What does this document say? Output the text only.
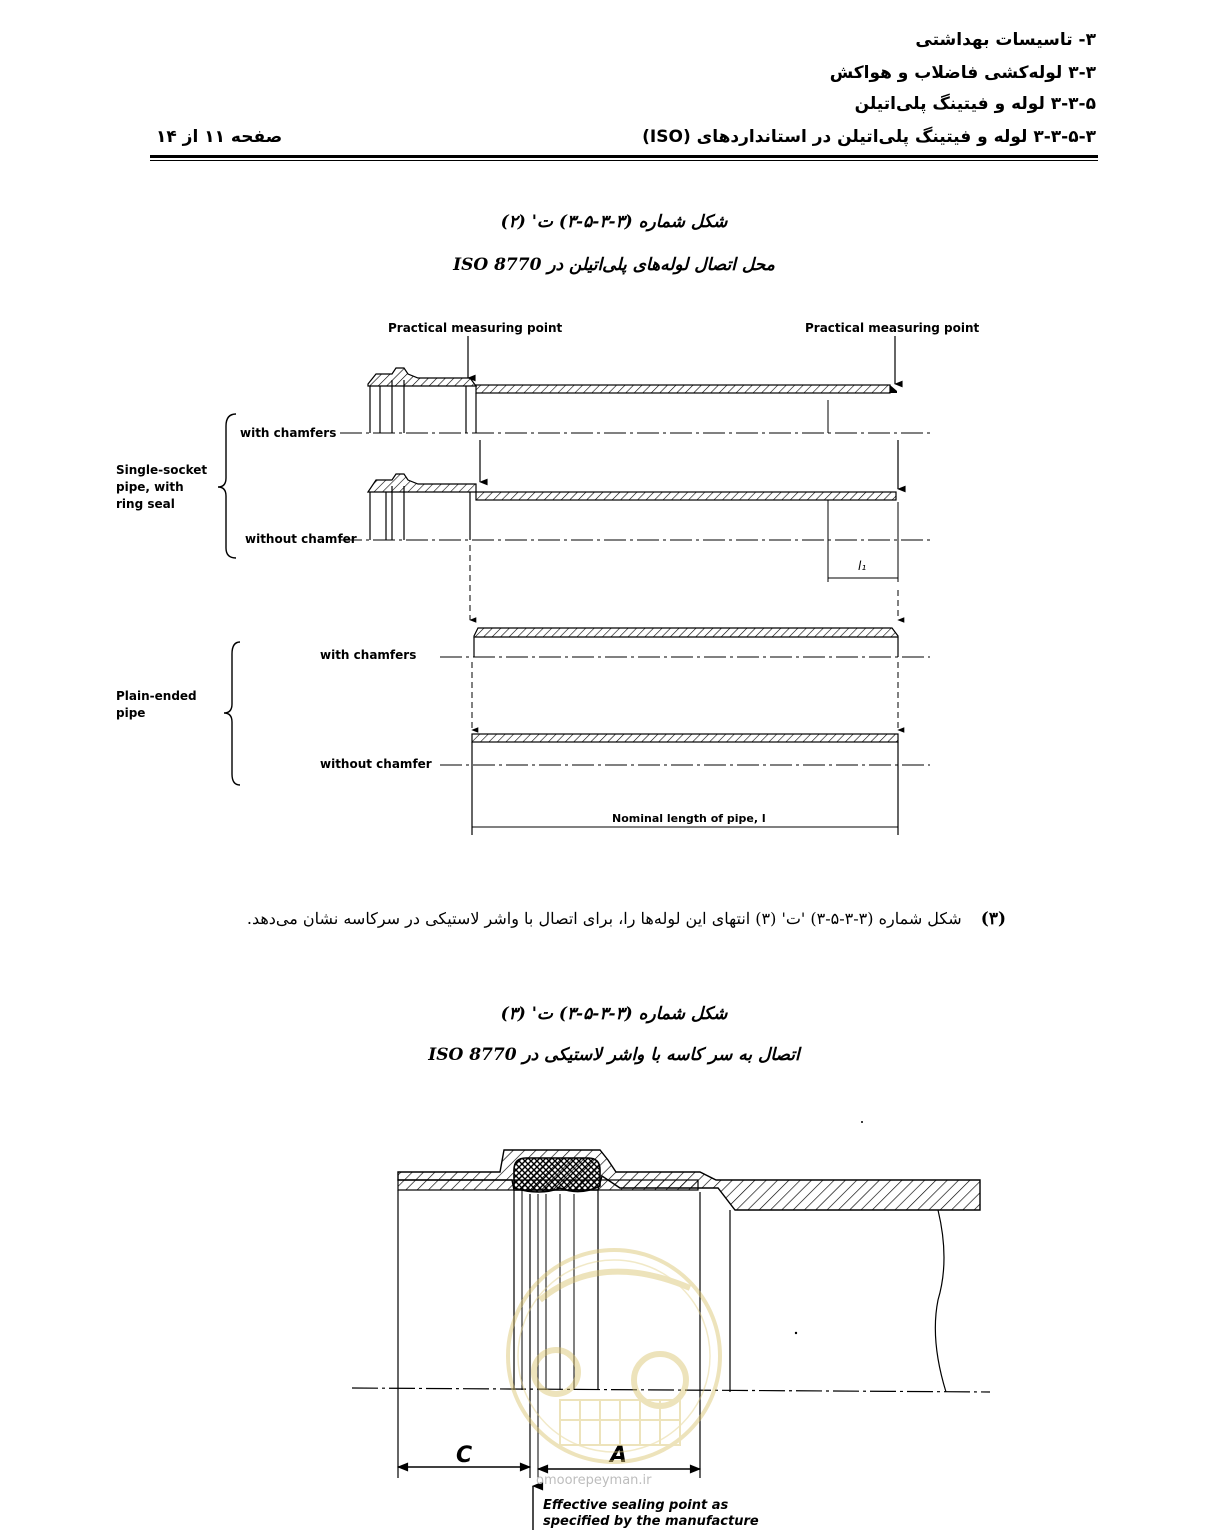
۳- تاسیسات بهداشتی
۳-۳ لوله‌کشی فاضلاب و هواکش
۳-۳-۵ لوله و فیتینگ پلی‌اتیلن
۳-۳-۵-۳ لوله و فیتینگ پلی‌اتیلن در استانداردهای (ISO)
صفحه ۱۱ از ۱۴
شکل شماره (۳-۳-۵-۳) ت' (۲)
محل اتصال لوله‌های پلی‌اتیلن در ISO 8770
Practical measuring point	Practical measuring point
with chamfers
without chamfer
Single-socket pipe, with ring seal
l₁
with chamfers
without chamfer
Plain-ended pipe
Nominal length of pipe, l
(۳) شکل شماره (۳-۳-۵-۳) 'ت' (۳) انتهای این لوله‌ها را، برای اتصال با واشر لاستیکی در سرکاسه نشان می‌دهد.
شکل شماره (۳-۳-۵-۳) ت' (۳)
اتصال به سر کاسه با واشر لاستیکی در ISO 8770
C	A
Effective sealing point as specified by the manufacture
omoorepeyman.ir
